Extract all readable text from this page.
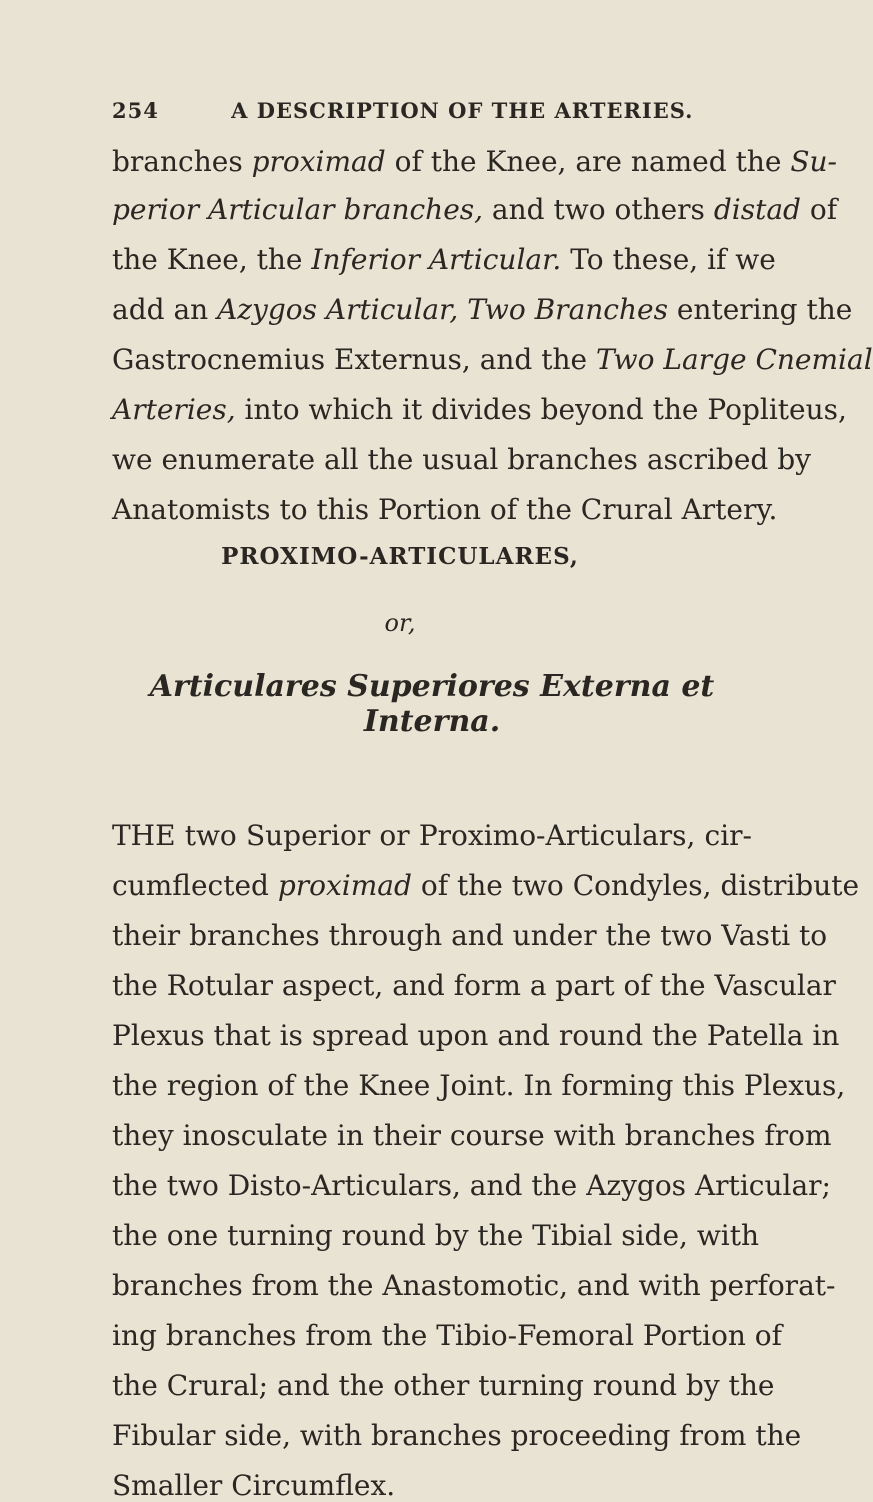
254	A DESCRIPTION OF THE ARTERIES.
branches proximad of the Knee, are named the Su-
perior Articular branches, and two others distad of
the Knee, the Inferior Articular. To these, if we
add an Azygos Articular, Two Branches entering the
Gastrocnemius Externus, and the Two Large Cnemial
Arteries, into which it divides beyond the Popliteus,
we enumerate all the usual branches ascribed by
Anatomists to this Portion of the Crural Artery.
PROXIMO-ARTICULARES,
or,
Articulares Superiores Externa et Interna.
THE two Superior or Proximo-Articulars, cir-
cumflected proximad of the two Condyles, distribute
their branches through and under the two Vasti to
the Rotular aspect, and form a part of the Vascular
Plexus that is spread upon and round the Patella in
the region of the Knee Joint. In forming this Plexus,
they inosculate in their course with branches from
the two Disto-Articulars, and the Azygos Articular;
the one turning round by the Tibial side, with
branches from the Anastomotic, and with perforat-
ing branches from the Tibio-Femoral Portion of
the Crural; and the other turning round by the
Fibular side, with branches proceeding from the
Smaller Circumflex.
